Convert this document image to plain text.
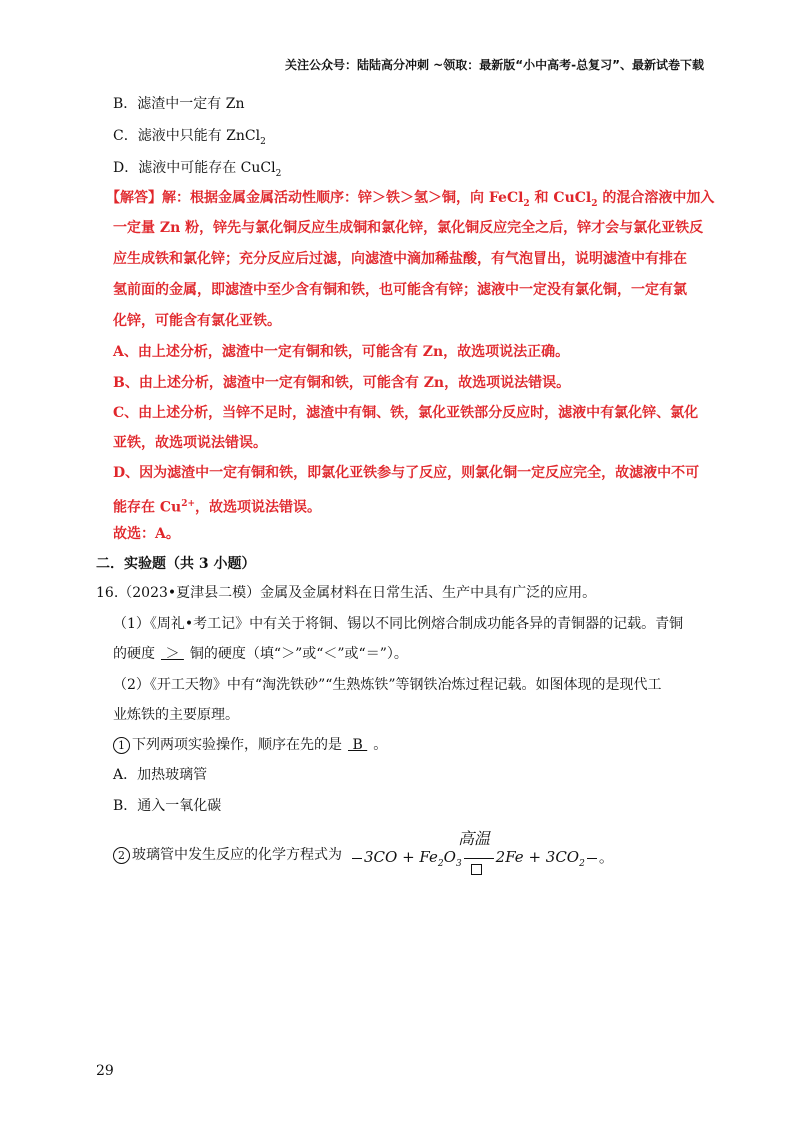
关注公众号：陆陆高分冲刺 ~领取：最新版“小中高考-总复习”、最新试卷下载
B．滤渣中一定有 Zn
C．滤液中只能有 ZnCl$_2$
D．滤液中可能存在 CuCl$_2$
【解答】解：根据金属金属活动性顺序：锌＞铁＞氢＞铜，向 FeCl$_2$ 和 CuCl$_2$ 的混合溶液中加入
一定量 Zn 粉，锌先与氯化铜反应生成铜和氯化锌，氯化铜反应完全之后，锌才会与氯化亚铁反
应生成铁和氯化锌；充分反应后过滤，向滤渣中滴加稀盐酸，有气泡冒出，说明滤渣中有排在
氢前面的金属，即滤渣中至少含有铜和铁，也可能含有锌；滤液中一定没有氯化铜，一定有氯
化锌，可能含有氯化亚铁。
A、由上述分析，滤渣中一定有铜和铁，可能含有 Zn，故选项说法正确。
B、由上述分析，滤渣中一定有铜和铁，可能含有 Zn，故选项说法错误。
C、由上述分析，当锌不足时，滤渣中有铜、铁，氯化亚铁部分反应时，滤液中有氯化锌、氯化
亚铁，故选项说法错误。
D、因为滤渣中一定有铜和铁，即氯化亚铁参与了反应，则氯化铜一定反应完全，故滤液中不可
能存在 $Cu^{2+}$，故选项说法错误。
故选：A。
二．实验题（共 3 小题）
16.（2023•夏津县二模）金属及金属材料在日常生活、生产中具有广泛的应用。
（1）《周礼•考工记》中有关于将铜、锡以不同比例熔合制成功能各异的青铜器的记载。青铜
的硬度 ＞ 铜的硬度（填“＞”或“＜”或“＝”）。
（2）《开工天物》中有“淘洗铁砂”“生熟炼铁”等钢铁冶炼过程记载。如图体现的是现代工
业炼铁的主要原理。
1 下列两项实验操作，顺序在先的是 B 。
A．加热玻璃管
B．通入一氧化碳
2 玻璃管中发生反应的化学方程式为
高温
$3CO + Fe_2O_3$ $2Fe + 3CO_2$ 。
29
